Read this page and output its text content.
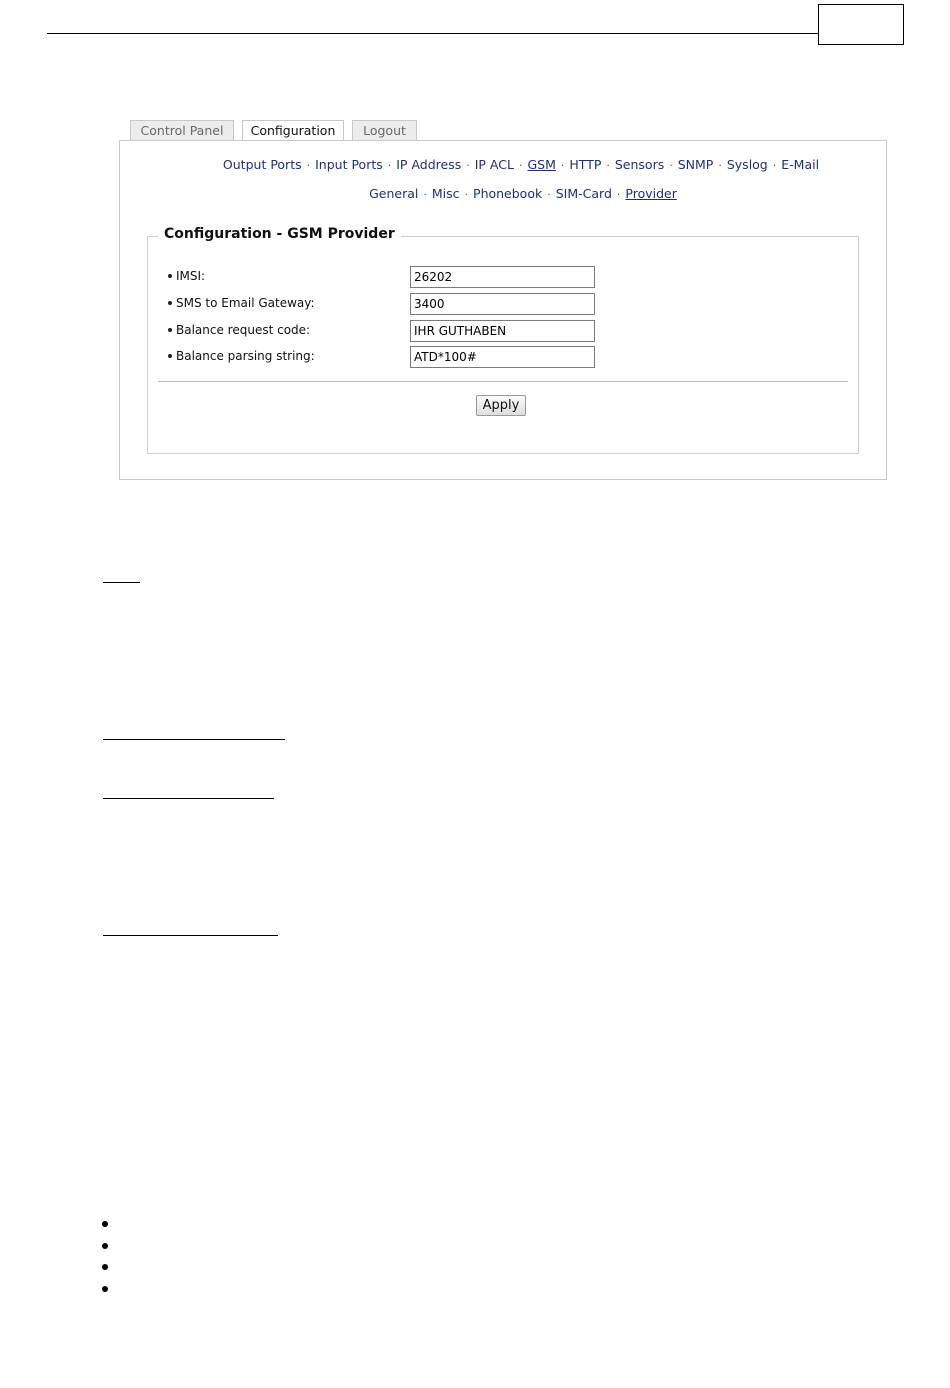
Control Panel	Configuration	Logout
Output Ports · Input Ports · IP Address · IP ACL · GSM · HTTP · Sensors · SNMP · Syslog · E-Mail
General · Misc · Phonebook · SIM-Card · Provider
Configuration - GSM Provider
IMSI:
26202
SMS to Email Gateway:
3400
Balance request code:
IHR GUTHABEN
Balance parsing string:
ATD*100#
Apply
